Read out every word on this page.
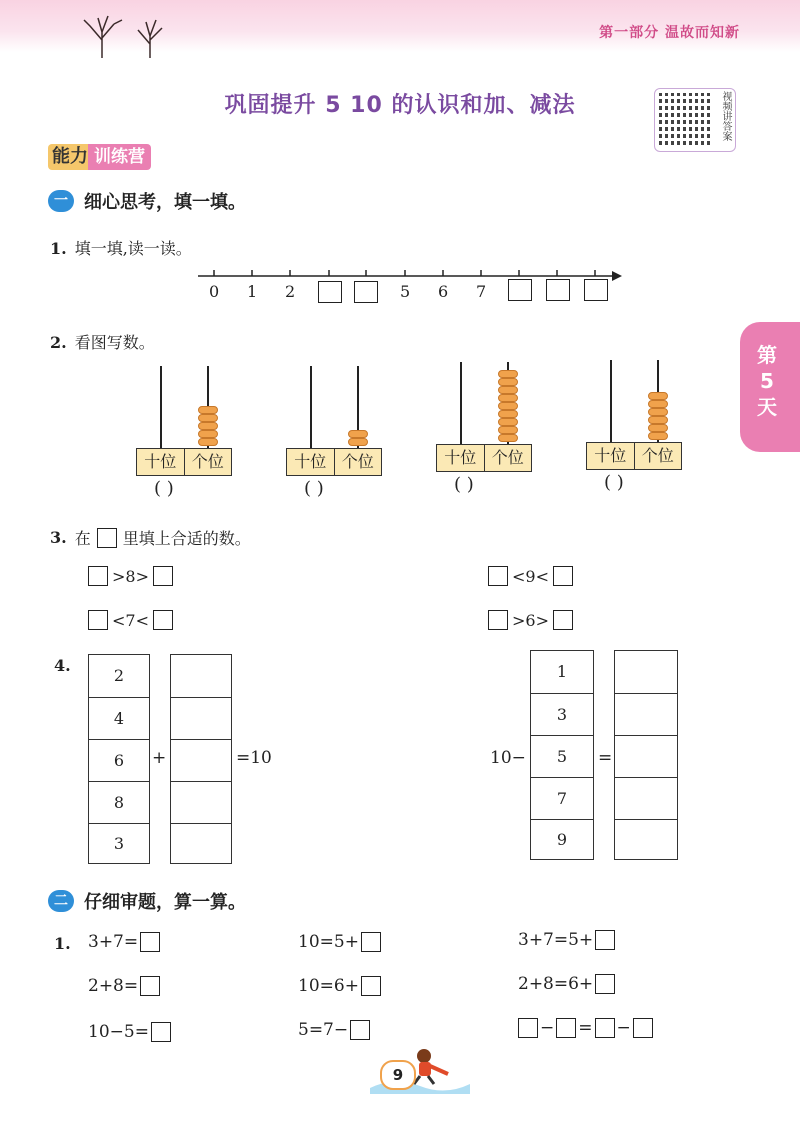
第一部分 温故而知新
巩固提升 5 10 的认识和加、减法	视频讲答案
能力 训练营
第
5
天
一 细心思考，填一填。
1. 填一填,读一读。
0 1 2	5 6 7
2. 看图写数。
十位 个位
( )
十位 个位
( )
十位 个位
( )
十位 个位
( )
3. 在 里填上合适的数。
>8>	<9<
<7<	>6>
4.
2
4
6
8
3
+	=10	10−
1
3
5
7
9
=
二 仔细审题，算一算。
1. 3+7=	10=5+	3+7=5+
2+8=	10=6+	2+8=6+
10−5=	5=7−	− = −
9
